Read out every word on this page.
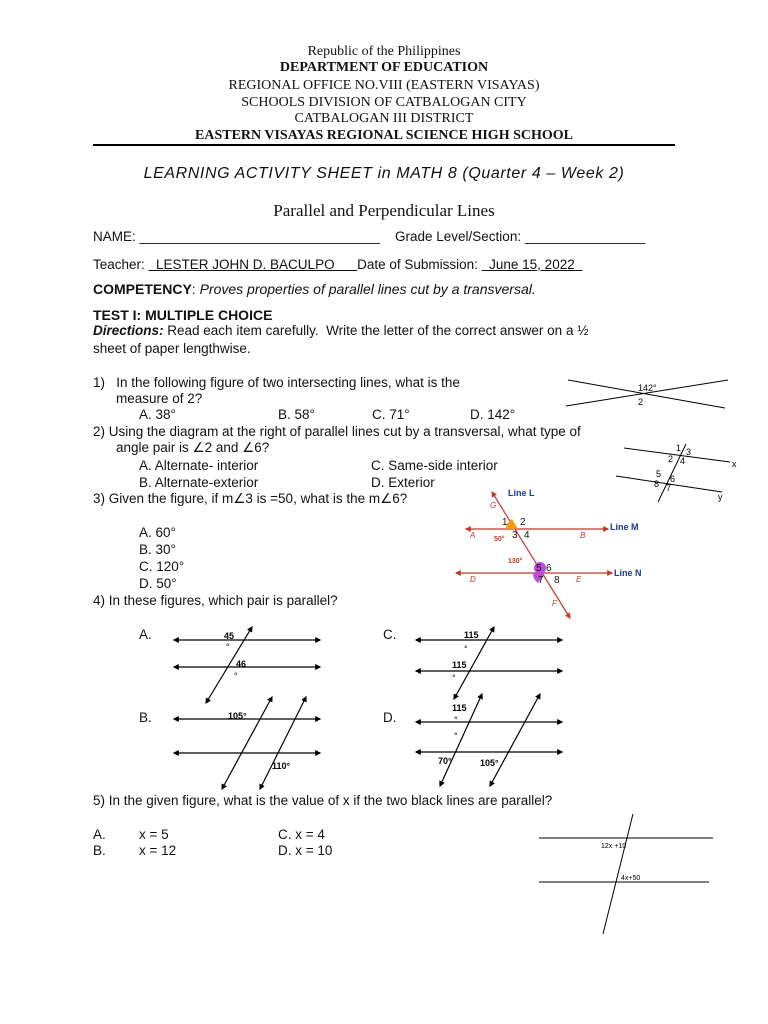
Republic of the Philippines
DEPARTMENT OF EDUCATION
REGIONAL OFFICE NO.VIII (EASTERN VISAYAS)
SCHOOLS DIVISION OF CATBALOGAN CITY
CATBALOGAN III DISTRICT
EASTERN VISAYAS REGIONAL SCIENCE HIGH SCHOOL
LEARNING ACTIVITY SHEET in MATH 8 (Quarter 4 – Week 2)
Parallel and Perpendicular Lines
NAME: ________________________________ Grade Level/Section: ________________
Teacher:   LESTER JOHN D. BACULPO      Date of Submission:   June 15, 2022
COMPETENCY: Proves properties of parallel lines cut by a transversal.
TEST I: MULTIPLE CHOICE
Directions: Read each item carefully.  Write the letter of the correct answer on a ½
sheet of paper lengthwise.
1)   In the following figure of two intersecting lines, what is the
measure of 2?
A. 38°	B. 58°	C. 71°	D. 142°
142°
2
2) Using the diagram at the right of parallel lines cut by a transversal, what type of
angle pair is ∠2 and ∠6?
A. Alternate- interior	C. Same-side interior
B. Alternate-exterior	D. Exterior
1
2
3
4
5 6
8 7
x
y
3) Given the figure, if m∠3 is =50, what is the m∠6?
A. 60°
B. 30°
C. 120°
D. 50°
Line L
Line M
Line N
G
A	B
D	E
F
1 2
3 4
5 6
7 8
50°
130°
4) In these figures, which pair is parallel?
A.	C.
B.	D.
45
°
46
°
115
°
115
°
105°
110°
115
°
°
70°	105°
5) In the given figure, what is the value of x if the two black lines are parallel?
A. x = 5	C. x = 4
B. x = 12	D. x = 10	12x +10
4x+50
